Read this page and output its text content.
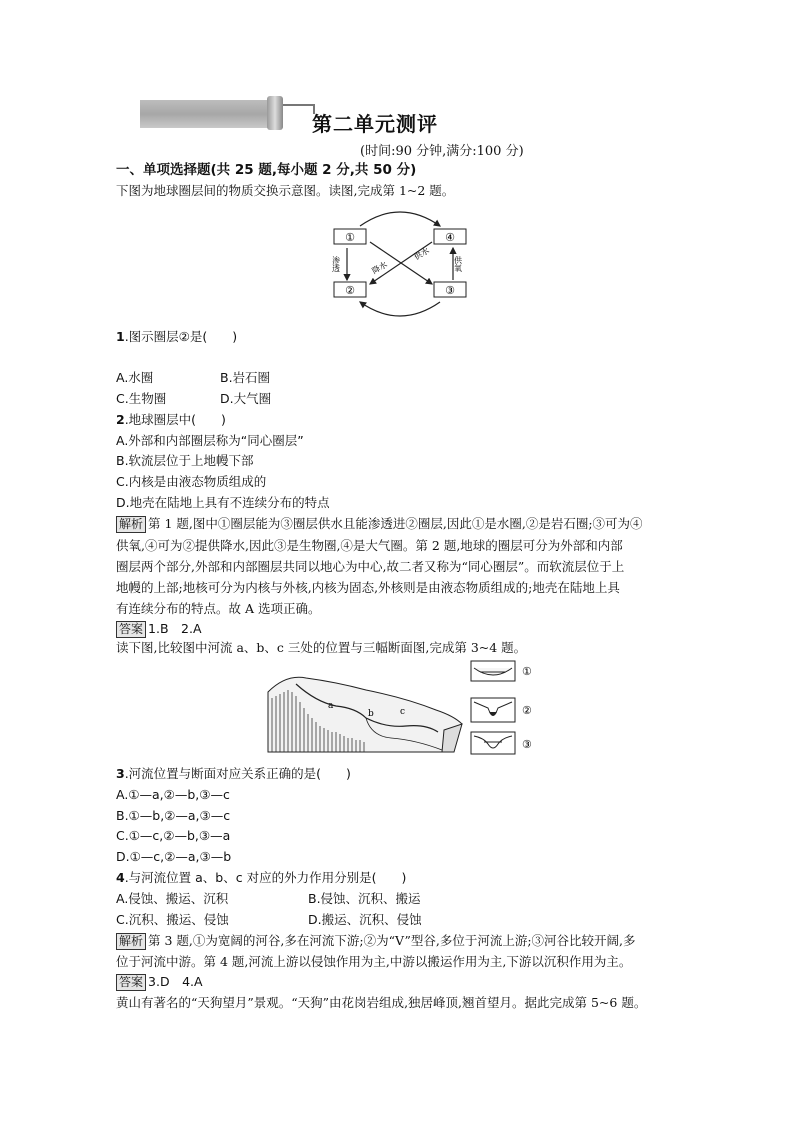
第二单元测评
(时间:90 分钟,满分:100 分)
一、单项选择题(共 25 题,每小题 2 分,共 50 分)
下图为地球圈层间的物质交换示意图。读图,完成第 1~2 题。
①	④
②	③
渗透	供氧
降水
供水
1.图示圈层②是(　　)
A.水圈	B.岩石圈
C.生物圈	D.大气圈
2.地球圈层中(　　)
A.外部和内部圈层称为“同心圈层”
B.软流层位于上地幔下部
C.内核是由液态物质组成的
D.地壳在陆地上具有不连续分布的特点
解析 第 1 题,图中①圈层能为③圈层供水且能渗透进②圈层,因此①是水圈,②是岩石圈;③可为④
供氧,④可为②提供降水,因此③是生物圈,④是大气圈。第 2 题,地球的圈层可分为外部和内部
圈层两个部分,外部和内部圈层共同以地心为中心,故二者又称为“同心圈层”。而软流层位于上
地幔的上部;地核可分为内核与外核,内核为固态,外核则是由液态物质组成的;地壳在陆地上具
有连续分布的特点。故 A 选项正确。
答案 1.B　2.A
读下图,比较图中河流 a、b、c 三处的位置与三幅断面图,完成第 3~4 题。
a
b	c
①
②
③
3.河流位置与断面对应关系正确的是(　　)
A.①—a,②—b,③—c
B.①—b,②—a,③—c
C.①—c,②—b,③—a
D.①—c,②—a,③—b
4.与河流位置 a、b、c 对应的外力作用分别是(　　)
A.侵蚀、搬运、沉积	B.侵蚀、沉积、搬运
C.沉积、搬运、侵蚀	D.搬运、沉积、侵蚀
解析 第 3 题,①为宽阔的河谷,多在河流下游;②为“V”型谷,多位于河流上游;③河谷比较开阔,多
位于河流中游。第 4 题,河流上游以侵蚀作用为主,中游以搬运作用为主,下游以沉积作用为主。
答案 3.D　4.A
黄山有著名的“天狗望月”景观。“天狗”由花岗岩组成,独居峰顶,翘首望月。据此完成第 5~6 题。
